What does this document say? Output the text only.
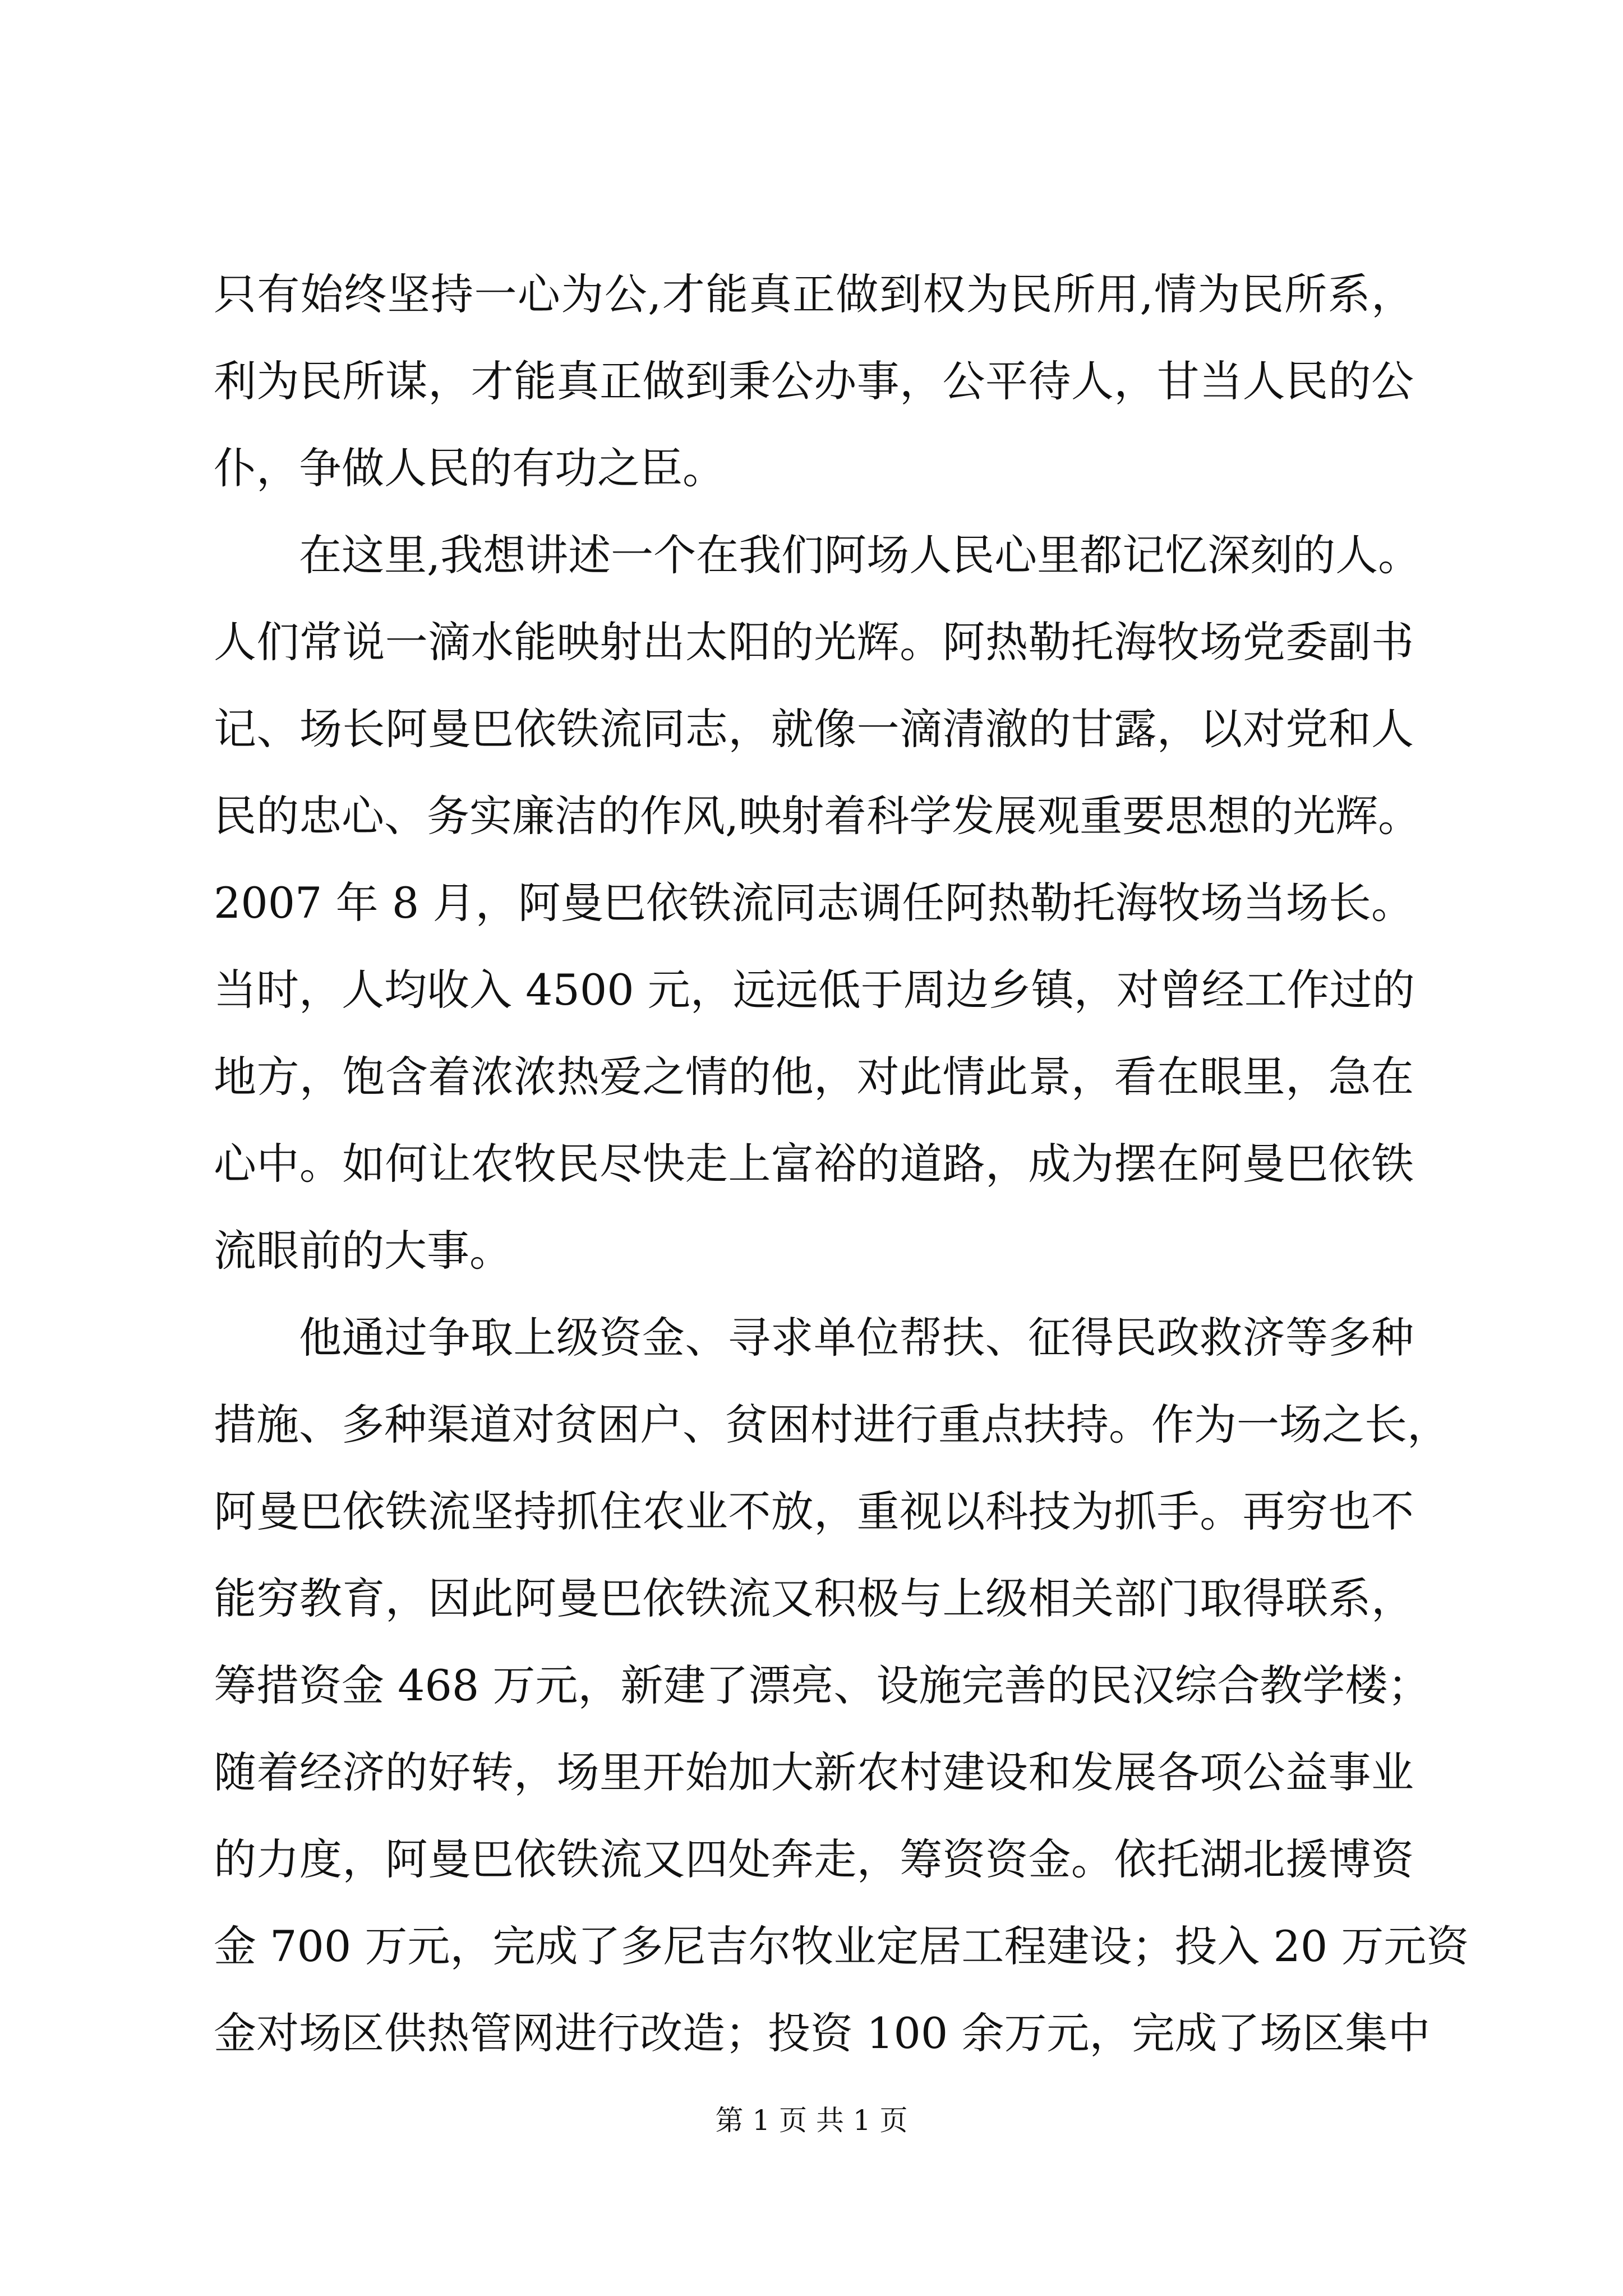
只有始终坚持一心为公,才能真正做到权为民所用,情为民所系，
利为民所谋，才能真正做到秉公办事，公平待人，甘当人民的公
仆，争做人民的有功之臣。
在这里,我想讲述一个在我们阿场人民心里都记忆深刻的人。
人们常说一滴水能映射出太阳的光辉。阿热勒托海牧场党委副书
记、场长阿曼巴依铁流同志，就像一滴清澈的甘露，以对党和人
民的忠心、务实廉洁的作风,映射着科学发展观重要思想的光辉。
2007 年 8 月，阿曼巴依铁流同志调任阿热勒托海牧场当场长。
当时，人均收入 4500 元，远远低于周边乡镇，对曾经工作过的
地方，饱含着浓浓热爱之情的他，对此情此景，看在眼里，急在
心中。如何让农牧民尽快走上富裕的道路，成为摆在阿曼巴依铁
流眼前的大事。
他通过争取上级资金、寻求单位帮扶、征得民政救济等多种
措施、多种渠道对贫困户、贫困村进行重点扶持。作为一场之长，
阿曼巴依铁流坚持抓住农业不放，重视以科技为抓手。再穷也不
能穷教育，因此阿曼巴依铁流又积极与上级相关部门取得联系，
筹措资金 468 万元，新建了漂亮、设施完善的民汉综合教学楼；
随着经济的好转，场里开始加大新农村建设和发展各项公益事业
的力度，阿曼巴依铁流又四处奔走，筹资资金。依托湖北援博资
金 700 万元，完成了多尼吉尔牧业定居工程建设；投入 20 万元资
金对场区供热管网进行改造；投资 100 余万元，完成了场区集中
第 1 页 共 1 页
